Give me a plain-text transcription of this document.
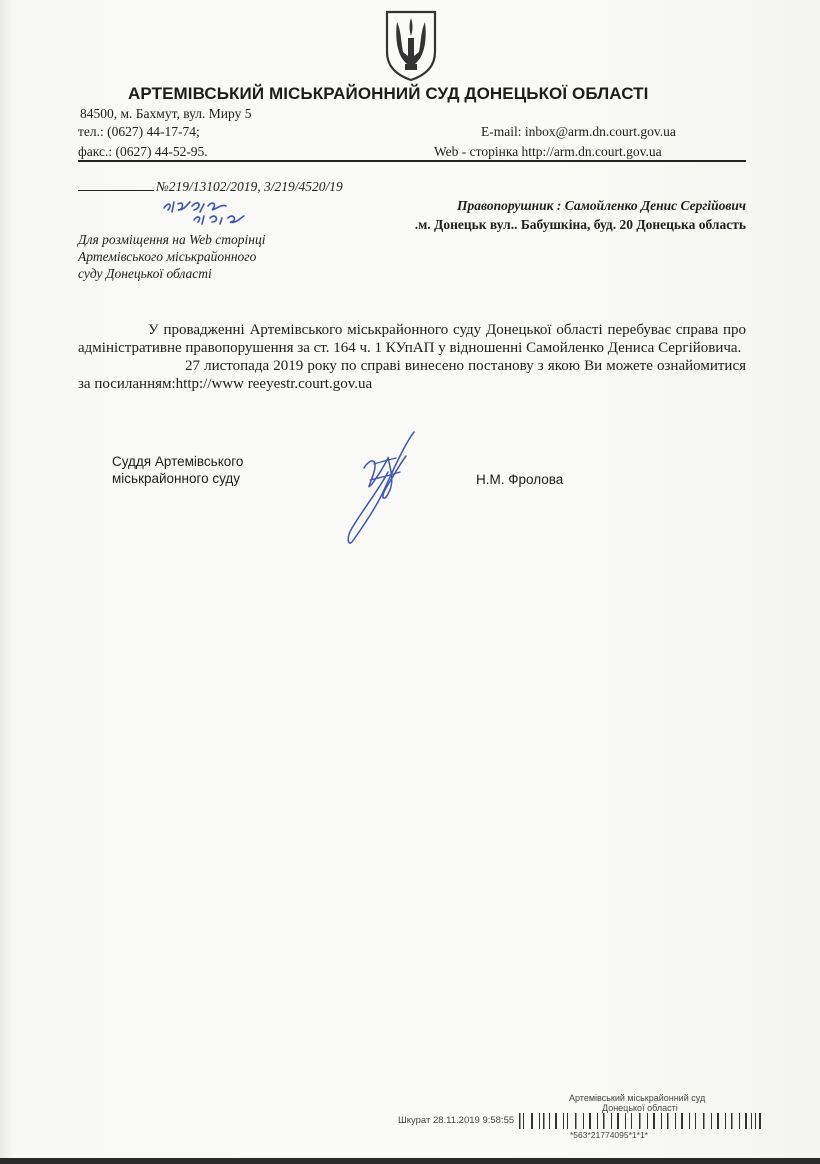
АРТЕМІВСЬКИЙ МІСЬКРАЙОННИЙ СУД ДОНЕЦЬКОЇ ОБЛАСТІ
84500, м. Бахмут, вул. Миру 5
тел.: (0627) 44-17-74;
факс.: (0627) 44-52-95.
E-mail: inbox@arm.dn.court.gov.ua
Web - сторінка http://arm.dn.court.gov.ua
№219/13102/2019, 3/219/4520/19
Правопорушник : Самойленко Денис Сергійович
.м. Донецьк вул.. Бабушкіна, буд. 20 Донецька область
Для розміщення на Web сторінці
Артемівського міськрайонного
суду Донецької області

У провадженні Артемівського міськрайонного суду Донецької області перебуває справа про адміністративне правопорушення за ст. 164 ч. 1 КУпАП у відношенні Самойленко Дениса Сергійовича.

27 листопада 2019 року по справі винесено постанову з якою Ви можете ознайомитися за посиланням:http://www reeyestr.court.gov.ua

Суддя Артемівського
міськрайонного суду	Н.М. Фролова
Артемівський міськрайонний суд
Донецької області
Шкурат 28.11.2019 9:58:55
*563*21774095*1*1*
